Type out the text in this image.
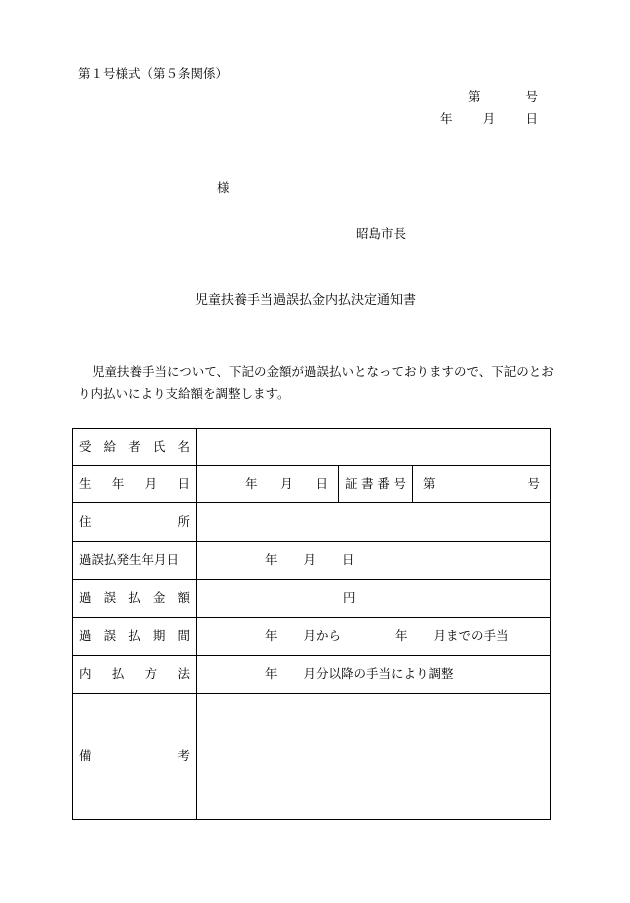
第１号様式（第５条関係）
第	号
年 月 日
様
昭島市長
児童扶養手当過誤払金内払決定通知書
児童扶養手当について、下記の金額が過誤払いとなっておりますので、下記のとおり内払いにより支給額を調整します。
受 給 者 氏 名			

生 年 月 日	年 月 日	証 書 番 号	第 号

住 所			

過誤払発生年月日	年 月 日		

過 誤 払 金 額	円		

過 誤 払 期 間	年 月から 年 月までの手当		

内 払 方 法	年 月分以降の手当により調整		

備 考			
